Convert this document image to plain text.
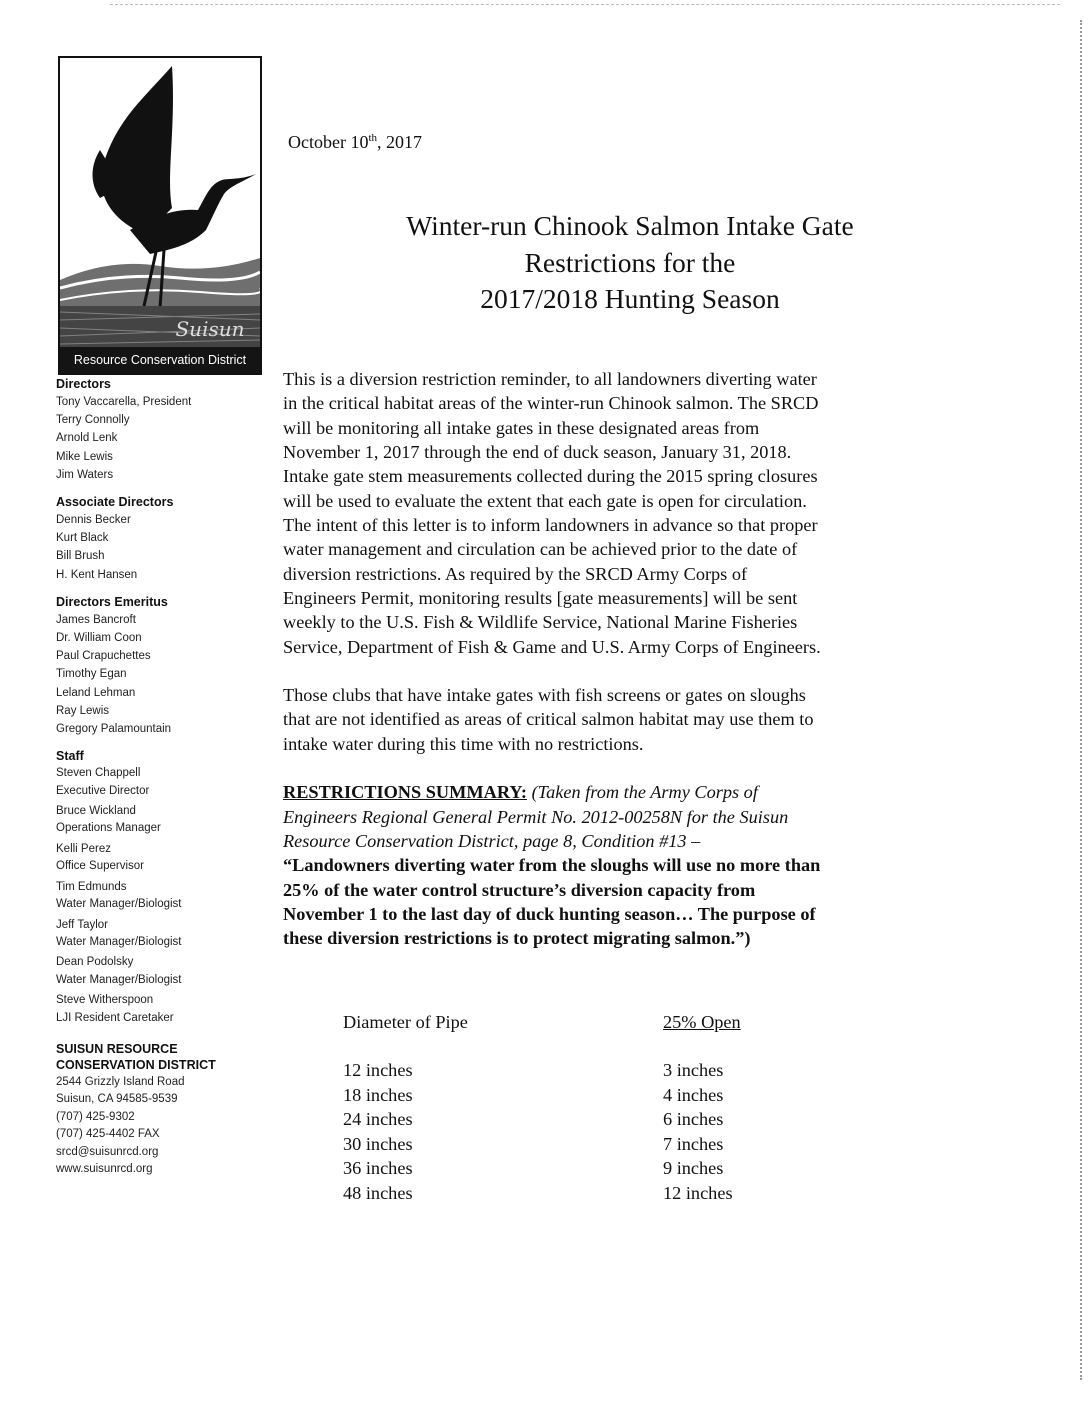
Suisun
Resource Conservation District
Directors
Tony Vaccarella, President
Terry Connolly
Arnold Lenk
Mike Lewis
Jim Waters
Associate Directors
Dennis Becker
Kurt Black
Bill Brush
H. Kent Hansen
Directors Emeritus
James Bancroft
Dr. William Coon
Paul Crapuchettes
Timothy Egan
Leland Lehman
Ray Lewis
Gregory Palamountain
Staff
Steven Chappell
Executive Director
Bruce Wickland
Operations Manager
Kelli Perez
Office Supervisor
Tim Edmunds
Water Manager/Biologist
Jeff Taylor
Water Manager/Biologist
Dean Podolsky
Water Manager/Biologist
Steve Witherspoon
LJI Resident Caretaker
SUISUN RESOURCE
CONSERVATION DISTRICT
2544 Grizzly Island Road
Suisun, CA 94585-9539
(707) 425-9302
(707) 425-4402 FAX
srcd@suisunrcd.org
www.suisunrcd.org
October 10th, 2017
Winter-run Chinook Salmon Intake Gate
Restrictions for the
2017/2018 Hunting Season

This is a diversion restriction reminder, to all landowners diverting water
in the critical habitat areas of the winter-run Chinook salmon. The SRCD
will be monitoring all intake gates in these designated areas from
November 1, 2017 through the end of duck season, January 31, 2018.
Intake gate stem measurements collected during the 2015 spring closures
will be used to evaluate the extent that each gate is open for circulation.
The intent of this letter is to inform landowners in advance so that proper
water management and circulation can be achieved prior to the date of
diversion restrictions. As required by the SRCD Army Corps of
Engineers Permit, monitoring results [gate measurements] will be sent
weekly to the U.S. Fish & Wildlife Service, National Marine Fisheries
Service, Department of Fish & Game and U.S. Army Corps of Engineers.

Those clubs that have intake gates with fish screens or gates on sloughs
that are not identified as areas of critical salmon habitat may use them to
intake water during this time with no restrictions.

RESTRICTIONS SUMMARY: (Taken from the Army Corps of
Engineers Regional General Permit No. 2012-00258N for the Suisun
Resource Conservation District, page 8, Condition #13 –
“Landowners diverting water from the sloughs will use no more than
25% of the water control structure’s diversion capacity from
November 1 to the last day of duck hunting season… The purpose of
these diversion restrictions is to protect migrating salmon.”)

Diameter of Pipe	25% Open
12 inches	3 inches
18 inches	4 inches
24 inches	6 inches
30 inches	7 inches
36 inches	9 inches
48 inches	12 inches
